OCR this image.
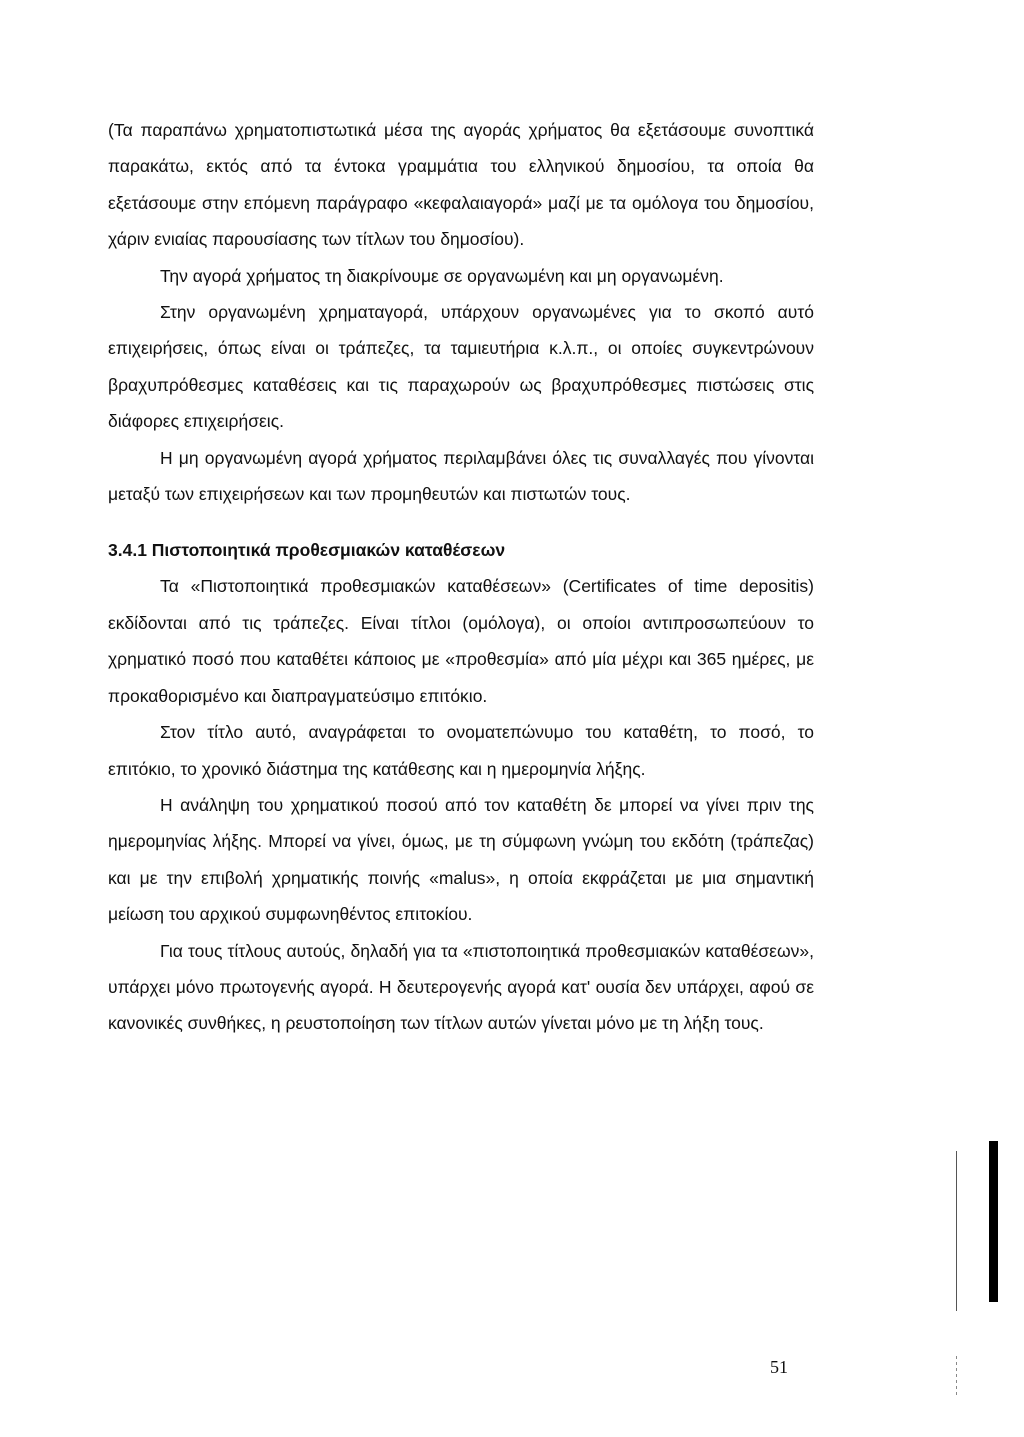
(Τα παραπάνω χρηματοπιστωτικά μέσα της αγοράς χρήματος θα εξετάσουμε συνοπτικά παρακάτω, εκτός από τα έντοκα γραμμάτια του ελληνικού δημοσίου, τα οποία θα εξετάσουμε στην επόμενη παράγραφο «κεφαλαιαγορά» μαζί με τα ομόλογα του δημοσίου, χάριν ενιαίας παρουσίασης των τίτλων του δημοσίου).

Την αγορά χρήματος τη διακρίνουμε σε οργανωμένη και μη οργανωμένη.

Στην οργανωμένη χρηματαγορά, υπάρχουν οργανωμένες για το σκοπό αυτό επιχειρήσεις, όπως είναι οι τράπεζες, τα ταμιευτήρια κ.λ.π., οι οποίες συγκεντρώνουν βραχυπρόθεσμες καταθέσεις και τις παραχωρούν ως βραχυπρόθεσμες πιστώσεις στις διάφορες επιχειρήσεις.

Η μη οργανωμένη αγορά χρήματος περιλαμβάνει όλες τις συναλλαγές που γίνονται μεταξύ των επιχειρήσεων και των προμηθευτών και πιστωτών τους.

3.4.1 Πιστοποιητικά προθεσμιακών καταθέσεων

Τα «Πιστοποιητικά προθεσμιακών καταθέσεων» (Certificates of time depositis) εκδίδονται από τις τράπεζες. Είναι τίτλοι (ομόλογα), οι οποίοι αντιπροσωπεύουν το χρηματικό ποσό που καταθέτει κάποιος με «προθεσμία» από μία μέχρι και 365 ημέρες, με προκαθορισμένο και διαπραγματεύσιμο επιτόκιο.

Στον τίτλο αυτό, αναγράφεται το ονοματεπώνυμο του καταθέτη, το ποσό, το επιτόκιο, το χρονικό διάστημα της κατάθεσης και η ημερομηνία λήξης.

Η ανάληψη του χρηματικού ποσού από τον καταθέτη δε μπορεί να γίνει πριν της ημερομηνίας λήξης. Μπορεί να γίνει, όμως, με τη σύμφωνη γνώμη του εκδότη (τράπεζας) και με την επιβολή χρηματικής ποινής «malus», η οποία εκφράζεται με μια σημαντική μείωση του αρχικού συμφωνηθέντος επιτοκίου.

Για τους τίτλους αυτούς, δηλαδή για τα «πιστοποιητικά προθεσμιακών καταθέσεων», υπάρχει μόνο πρωτογενής αγορά. Η δευτερογενής αγορά κατ' ουσία δεν υπάρχει, αφού σε κανονικές συνθήκες, η ρευστοποίηση των τίτλων αυτών γίνεται μόνο με τη λήξη τους.

51
